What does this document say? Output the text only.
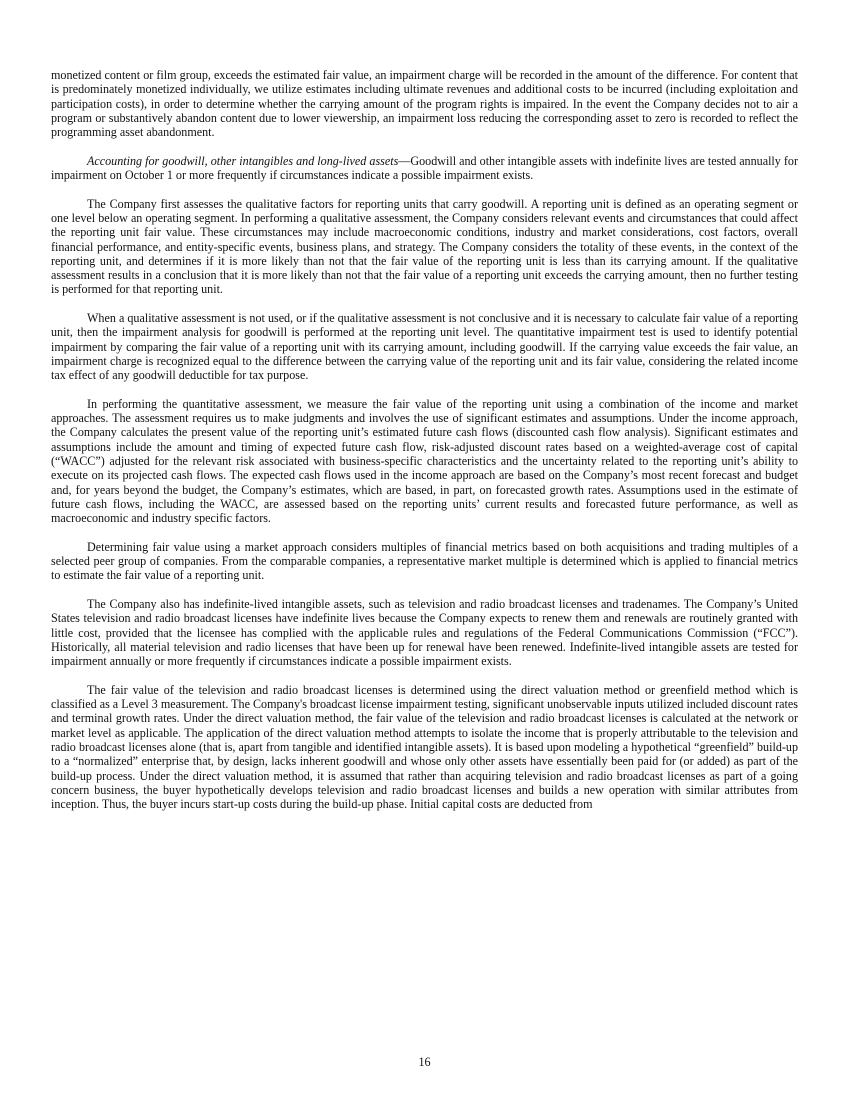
monetized content or film group, exceeds the estimated fair value, an impairment charge will be recorded in the amount of the difference. For content that is predominately monetized individually, we utilize estimates including ultimate revenues and additional costs to be incurred (including exploitation and participation costs), in order to determine whether the carrying amount of the program rights is impaired. In the event the Company decides not to air a program or substantively abandon content due to lower viewership, an impairment loss reducing the corresponding asset to zero is recorded to reflect the programming asset abandonment.

Accounting for goodwill, other intangibles and long-lived assets—Goodwill and other intangible assets with indefinite lives are tested annually for impairment on October 1 or more frequently if circumstances indicate a possible impairment exists.

The Company first assesses the qualitative factors for reporting units that carry goodwill. A reporting unit is defined as an operating segment or one level below an operating segment. In performing a qualitative assessment, the Company considers relevant events and circumstances that could affect the reporting unit fair value. These circumstances may include macroeconomic conditions, industry and market considerations, cost factors, overall financial performance, and entity-specific events, business plans, and strategy. The Company considers the totality of these events, in the context of the reporting unit, and determines if it is more likely than not that the fair value of the reporting unit is less than its carrying amount. If the qualitative assessment results in a conclusion that it is more likely than not that the fair value of a reporting unit exceeds the carrying amount, then no further testing is performed for that reporting unit.

When a qualitative assessment is not used, or if the qualitative assessment is not conclusive and it is necessary to calculate fair value of a reporting unit, then the impairment analysis for goodwill is performed at the reporting unit level. The quantitative impairment test is used to identify potential impairment by comparing the fair value of a reporting unit with its carrying amount, including goodwill. If the carrying value exceeds the fair value, an impairment charge is recognized equal to the difference between the carrying value of the reporting unit and its fair value, considering the related income tax effect of any goodwill deductible for tax purpose.

In performing the quantitative assessment, we measure the fair value of the reporting unit using a combination of the income and market approaches. The assessment requires us to make judgments and involves the use of significant estimates and assumptions. Under the income approach, the Company calculates the present value of the reporting unit’s estimated future cash flows (discounted cash flow analysis). Significant estimates and assumptions include the amount and timing of expected future cash flow, risk-adjusted discount rates based on a weighted-average cost of capital (“WACC”) adjusted for the relevant risk associated with business-specific characteristics and the uncertainty related to the reporting unit’s ability to execute on its projected cash flows. The expected cash flows used in the income approach are based on the Company’s most recent forecast and budget and, for years beyond the budget, the Company’s estimates, which are based, in part, on forecasted growth rates. Assumptions used in the estimate of future cash flows, including the WACC, are assessed based on the reporting units’ current results and forecasted future performance, as well as macroeconomic and industry specific factors.

Determining fair value using a market approach considers multiples of financial metrics based on both acquisitions and trading multiples of a selected peer group of companies. From the comparable companies, a representative market multiple is determined which is applied to financial metrics to estimate the fair value of a reporting unit.

The Company also has indefinite-lived intangible assets, such as television and radio broadcast licenses and tradenames. The Company’s United States television and radio broadcast licenses have indefinite lives because the Company expects to renew them and renewals are routinely granted with little cost, provided that the licensee has complied with the applicable rules and regulations of the Federal Communications Commission (“FCC”). Historically, all material television and radio licenses that have been up for renewal have been renewed. Indefinite-lived intangible assets are tested for impairment annually or more frequently if circumstances indicate a possible impairment exists.

The fair value of the television and radio broadcast licenses is determined using the direct valuation method or greenfield method which is classified as a Level 3 measurement. The Company's broadcast license impairment testing, significant unobservable inputs utilized included discount rates and terminal growth rates. Under the direct valuation method, the fair value of the television and radio broadcast licenses is calculated at the network or market level as applicable. The application of the direct valuation method attempts to isolate the income that is properly attributable to the television and radio broadcast licenses alone (that is, apart from tangible and identified intangible assets). It is based upon modeling a hypothetical “greenfield” build-up to a “normalized” enterprise that, by design, lacks inherent goodwill and whose only other assets have essentially been paid for (or added) as part of the build-up process. Under the direct valuation method, it is assumed that rather than acquiring television and radio broadcast licenses as part of a going concern business, the buyer hypothetically develops television and radio broadcast licenses and builds a new operation with similar attributes from inception. Thus, the buyer incurs start-up costs during the build-up phase. Initial capital costs are deducted from

16
